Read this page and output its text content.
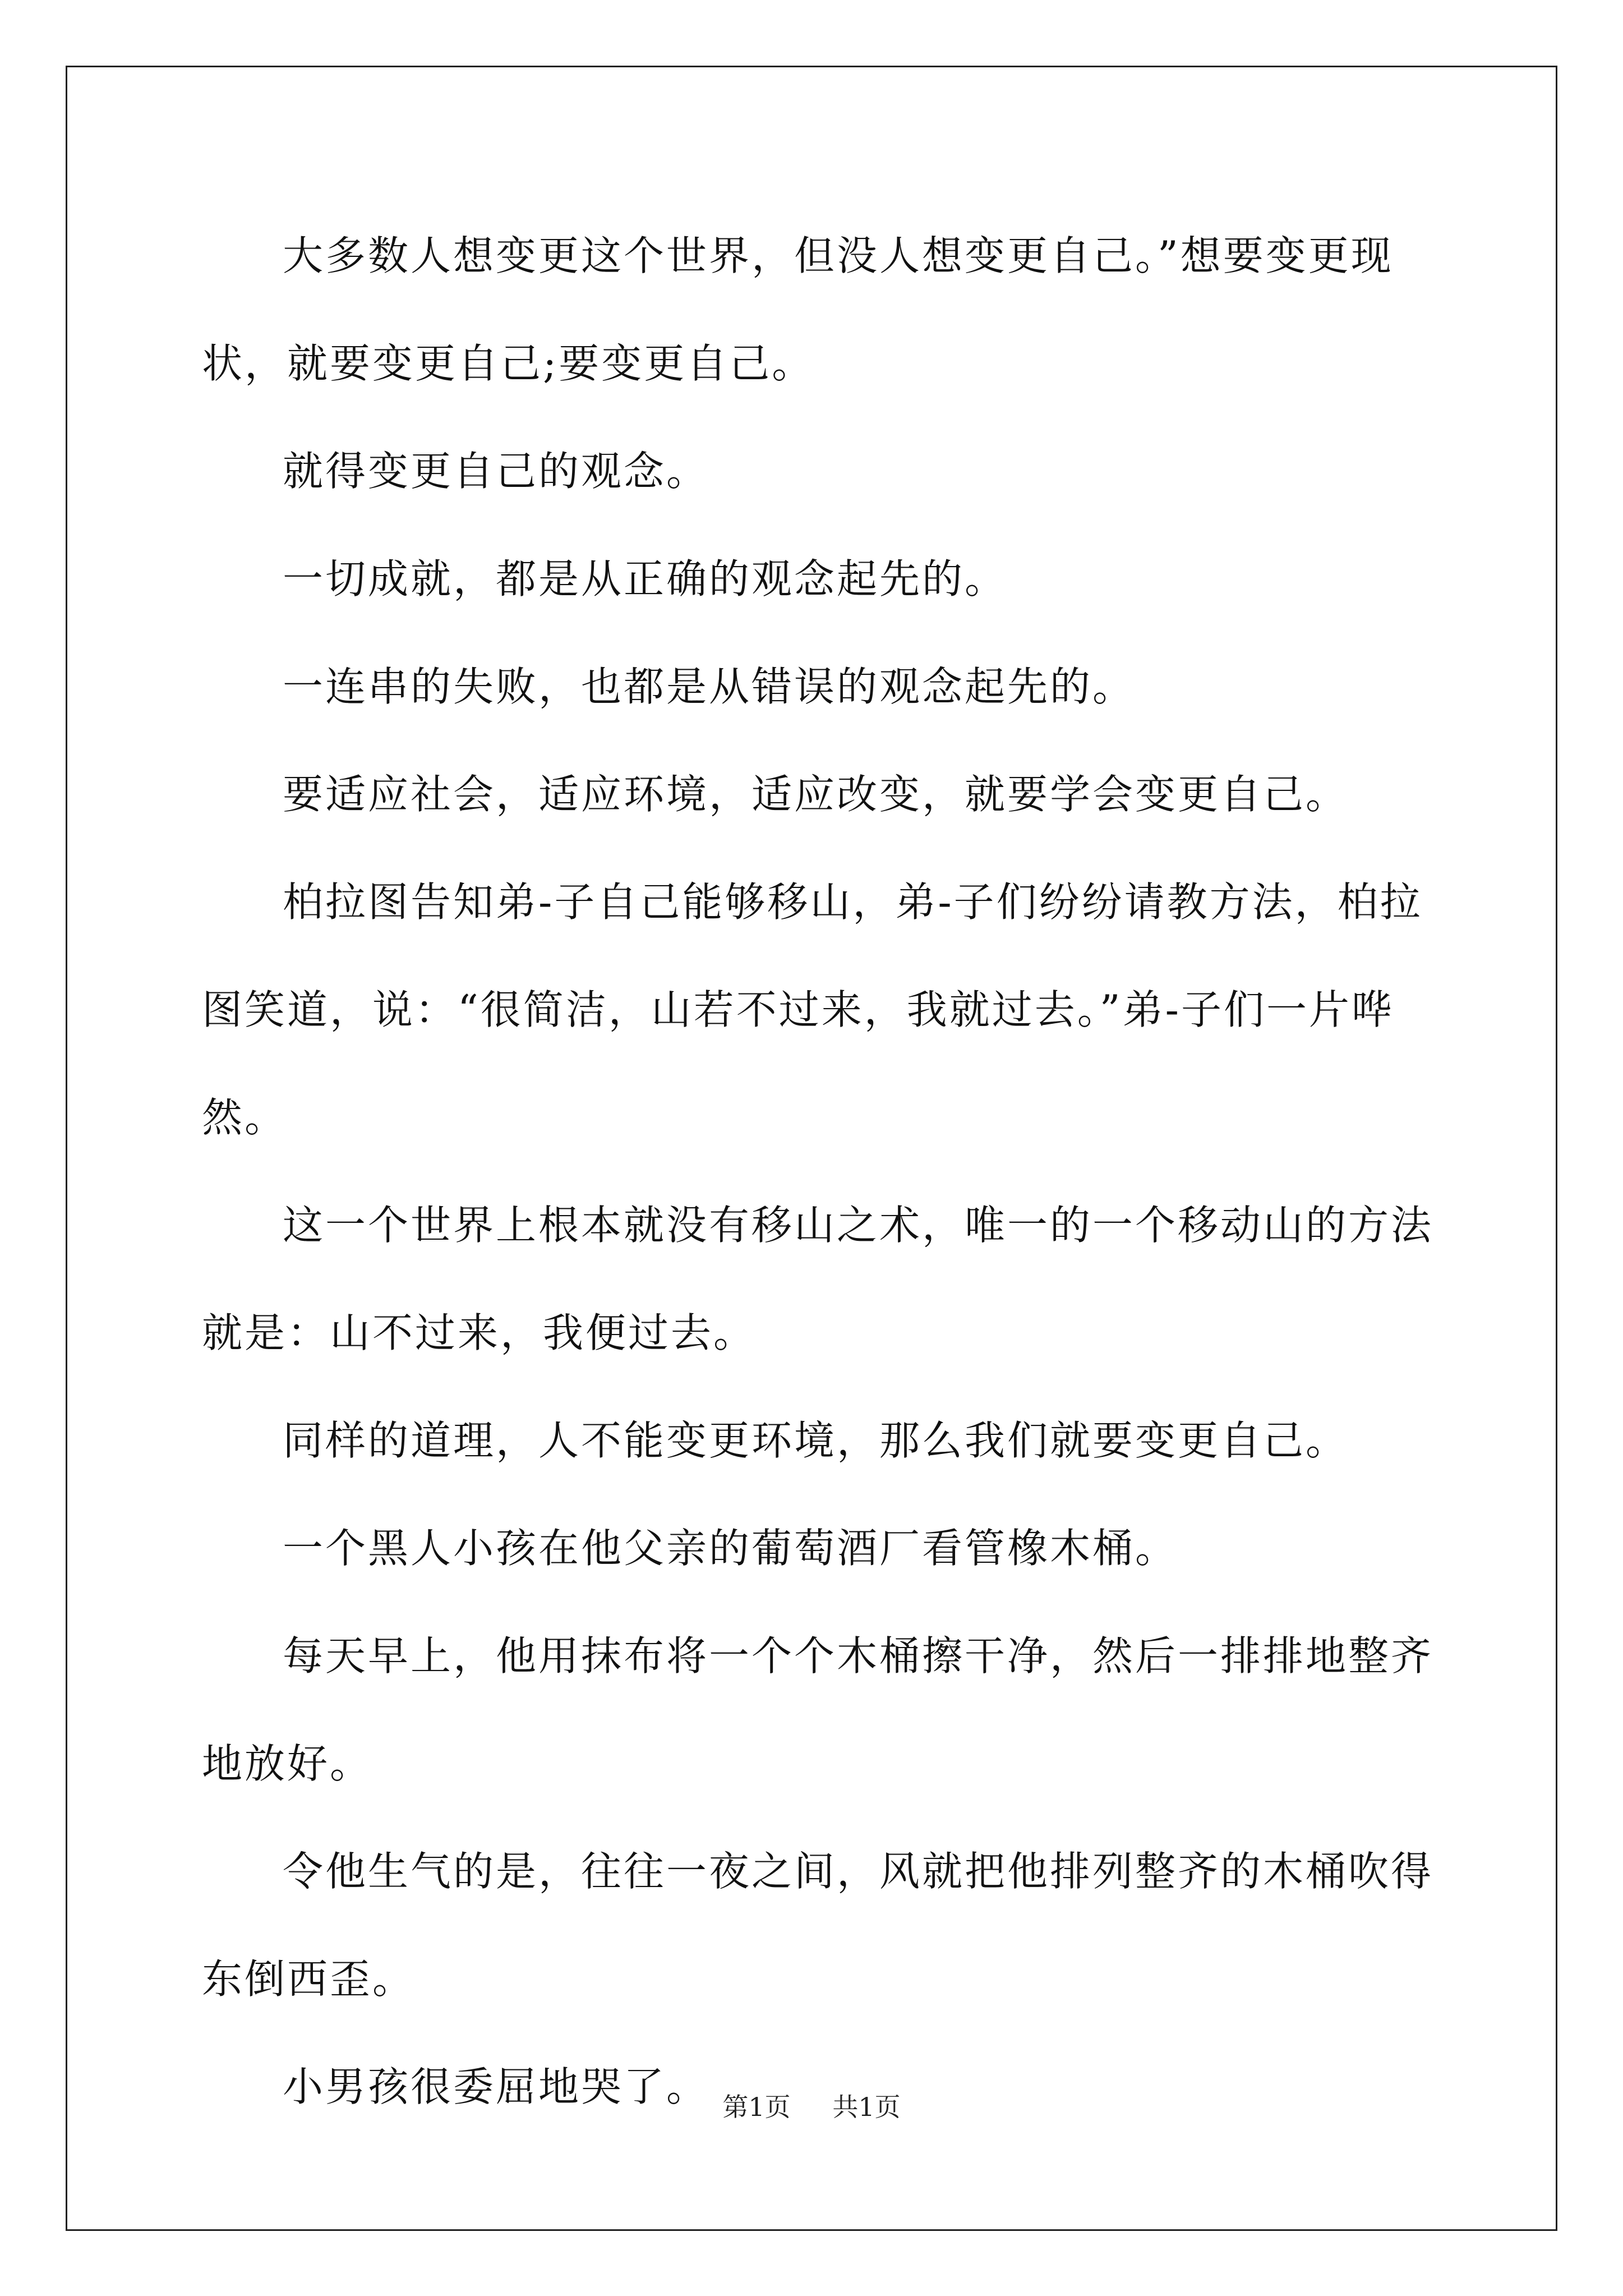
大多数人想变更这个世界，但没人想变更自己。”想要变更现状，就要变更自己;要变更自己。

就得变更自己的观念。

一切成就，都是从正确的观念起先的。

一连串的失败，也都是从错误的观念起先的。

要适应社会，适应环境，适应改变，就要学会变更自己。

柏拉图告知弟-子自己能够移山，弟-子们纷纷请教方法，柏拉图笑道，说：“很简洁，山若不过来，我就过去。”弟-子们一片哗然。

这一个世界上根本就没有移山之术，唯一的一个移动山的方法就是：山不过来，我便过去。

同样的道理，人不能变更环境，那么我们就要变更自己。

一个黑人小孩在他父亲的葡萄酒厂看管橡木桶。

每天早上，他用抹布将一个个木桶擦干净，然后一排排地整齐地放好。

令他生气的是，往往一夜之间，风就把他排列整齐的木桶吹得东倒西歪。

小男孩很委屈地哭了。 第1页 共1页
